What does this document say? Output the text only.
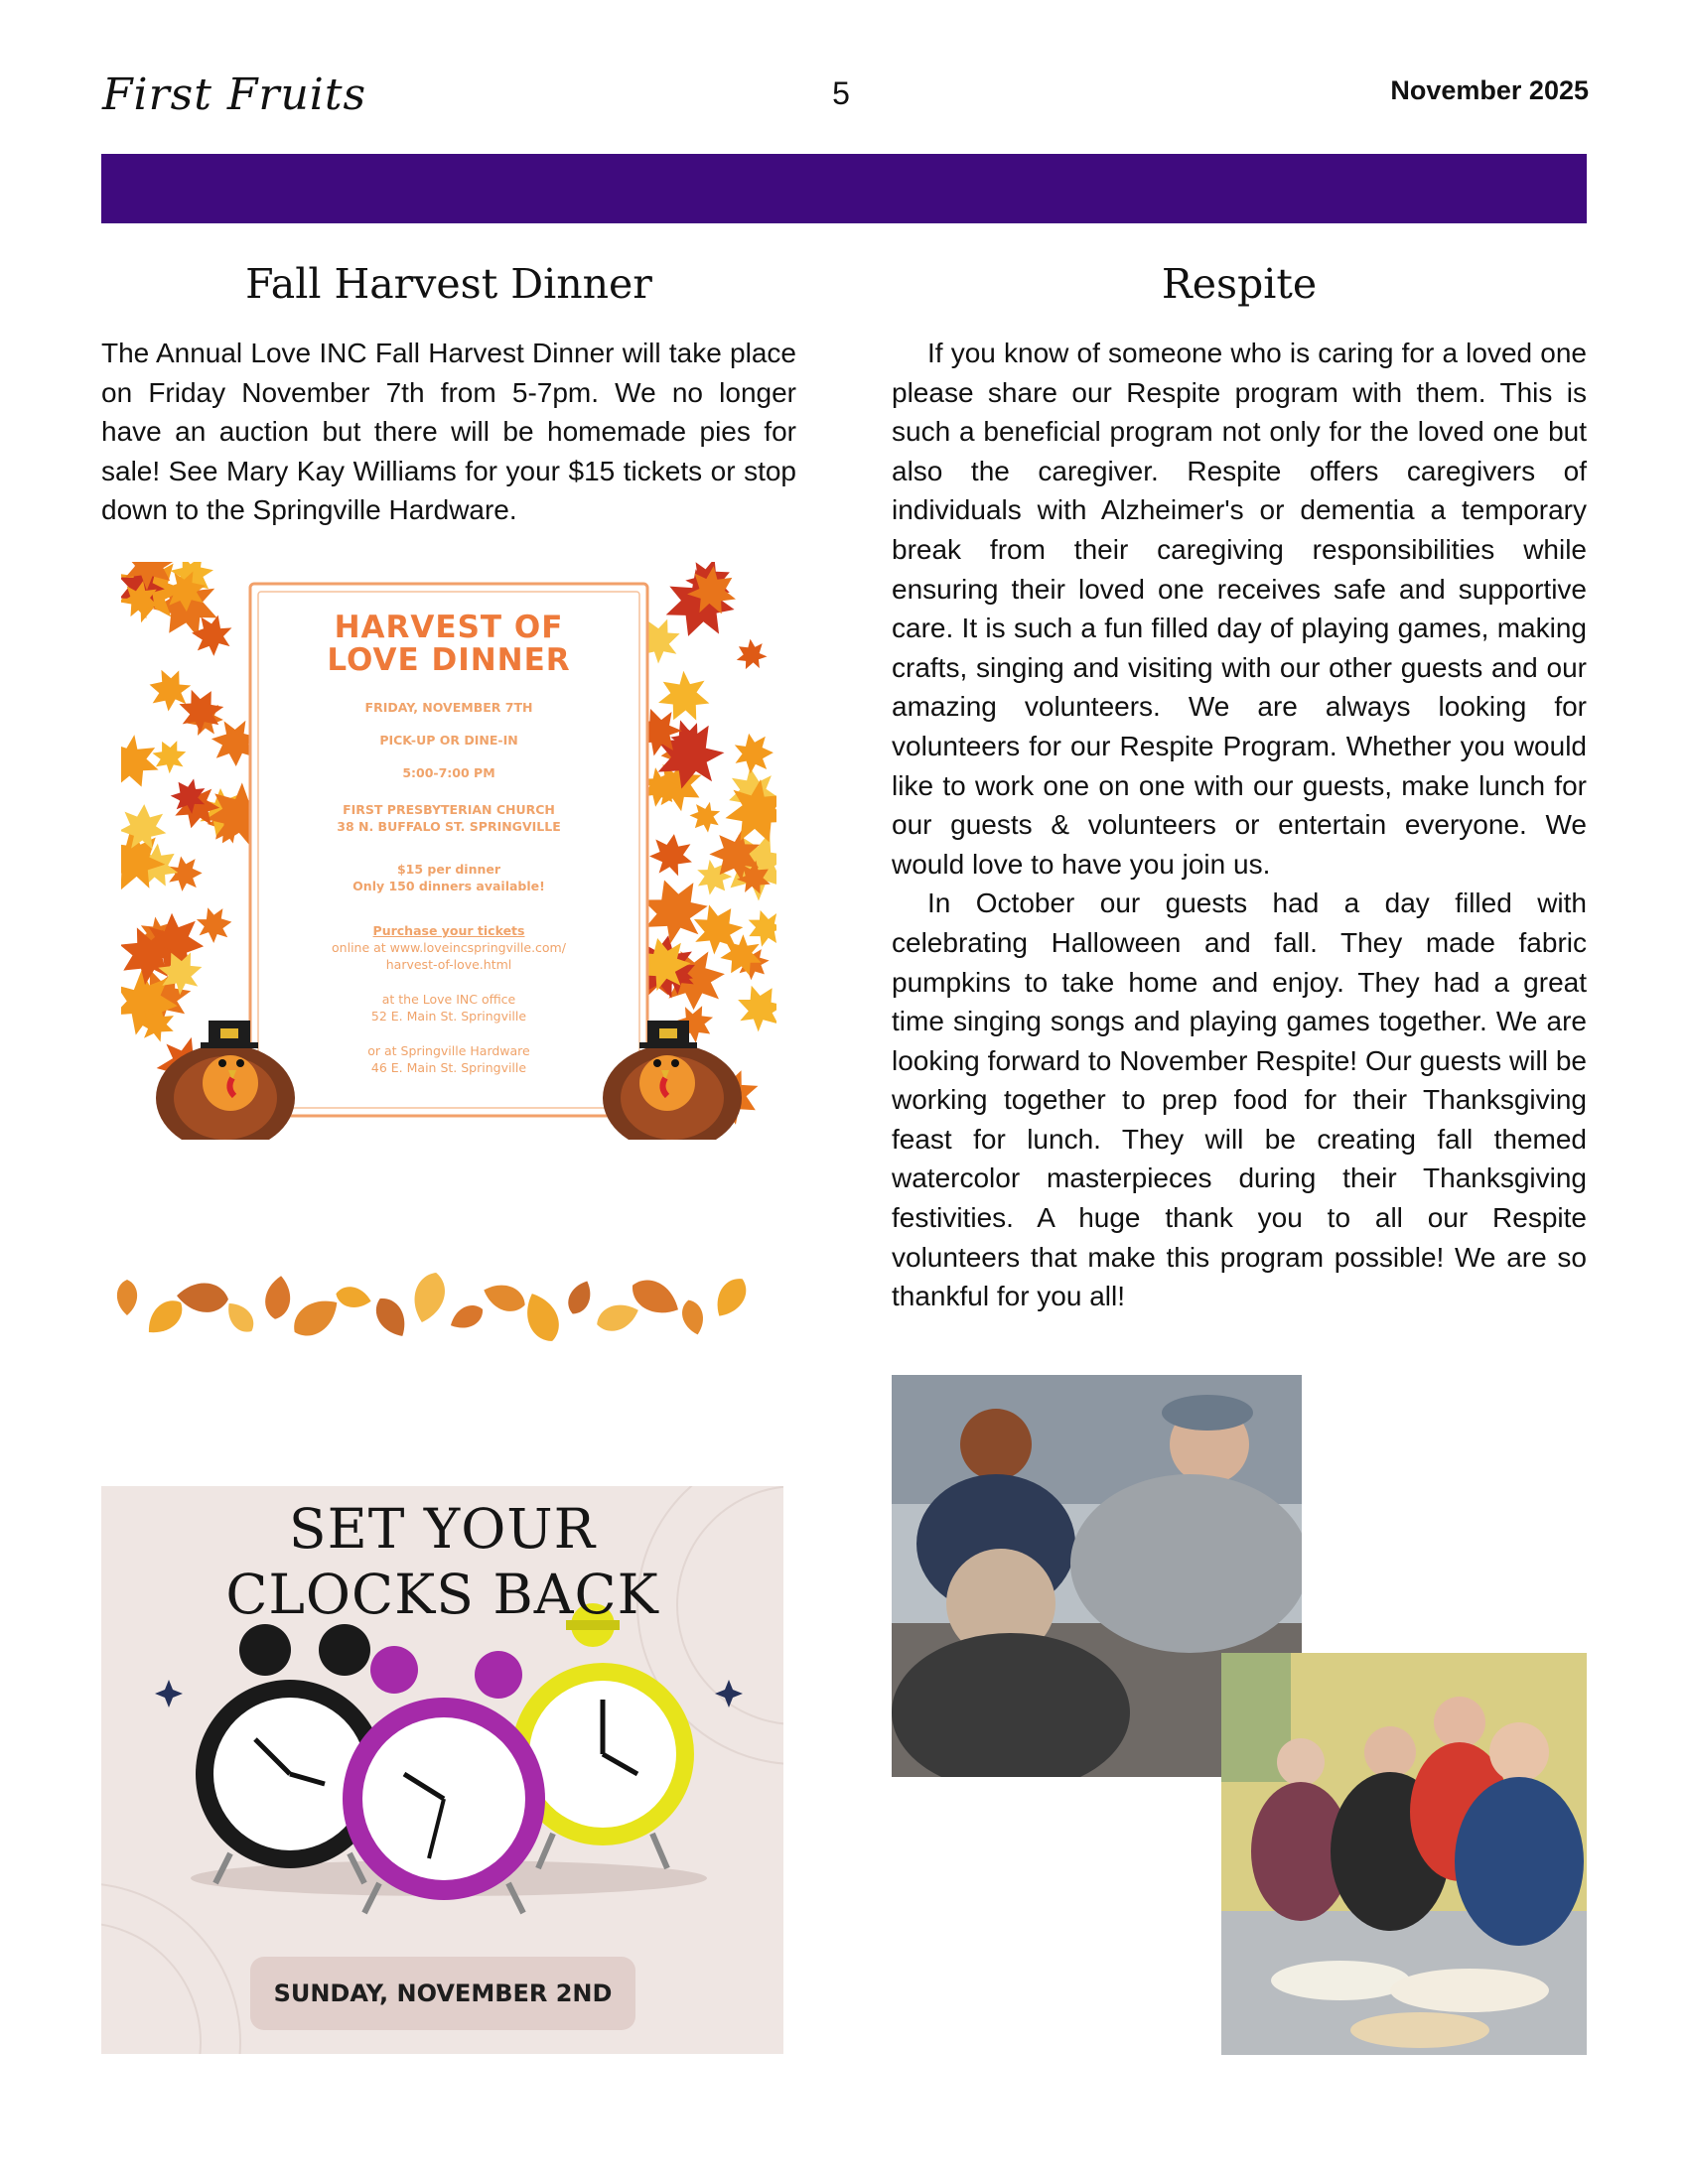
First Fruits	5	November 2025
Fall Harvest Dinner
The Annual Love INC Fall Harvest Dinner will take place on Friday November 7th from 5-7pm. We no longer have an auction but there will be homemade pies for sale! See Mary Kay Williams for your $15 tickets or stop down to the Springville Hardware.
HARVEST OF
LOVE DINNER
FRIDAY, NOVEMBER 7TH
PICK-UP OR DINE-IN
5:00-7:00 PM
FIRST PRESBYTERIAN CHURCH
38 N. BUFFALO ST. SPRINGVILLE
$15 per dinner
Only 150 dinners available!
Purchase your tickets
online at www.loveincspringville.com/
harvest-of-love.html
at the Love INC office
52 E. Main St. Springville
or at Springville Hardware
46 E. Main St. Springville
SET YOUR
CLOCKS BACK
SUNDAY, NOVEMBER 2ND
Respite

If you know of someone who is caring for a loved one please share our Respite program with them. This is such a beneficial program not only for the loved one but also the caregiver. Respite offers caregivers of individuals with Alzheimer's or dementia a temporary break from their caregiving responsibilities while ensuring their loved one receives safe and supportive care. It is such a fun filled day of playing games, making crafts, singing and visiting with our other guests and our amazing volunteers. We are always looking for volunteers for our Respite Program. Whether you would like to work one on one with our guests, make lunch for our guests & volunteers or entertain everyone. We would love to have you join us.

In October our guests had a day filled with celebrating Halloween and fall. They made fabric pumpkins to take home and enjoy. They had a great time singing songs and playing games together. We are looking forward to November Respite! Our guests will be working together to prep food for their Thanksgiving feast for lunch. They will be creating fall themed watercolor masterpieces during their Thanksgiving festivities. A huge thank you to all our Respite volunteers that make this program possible! We are so thankful for you all!
